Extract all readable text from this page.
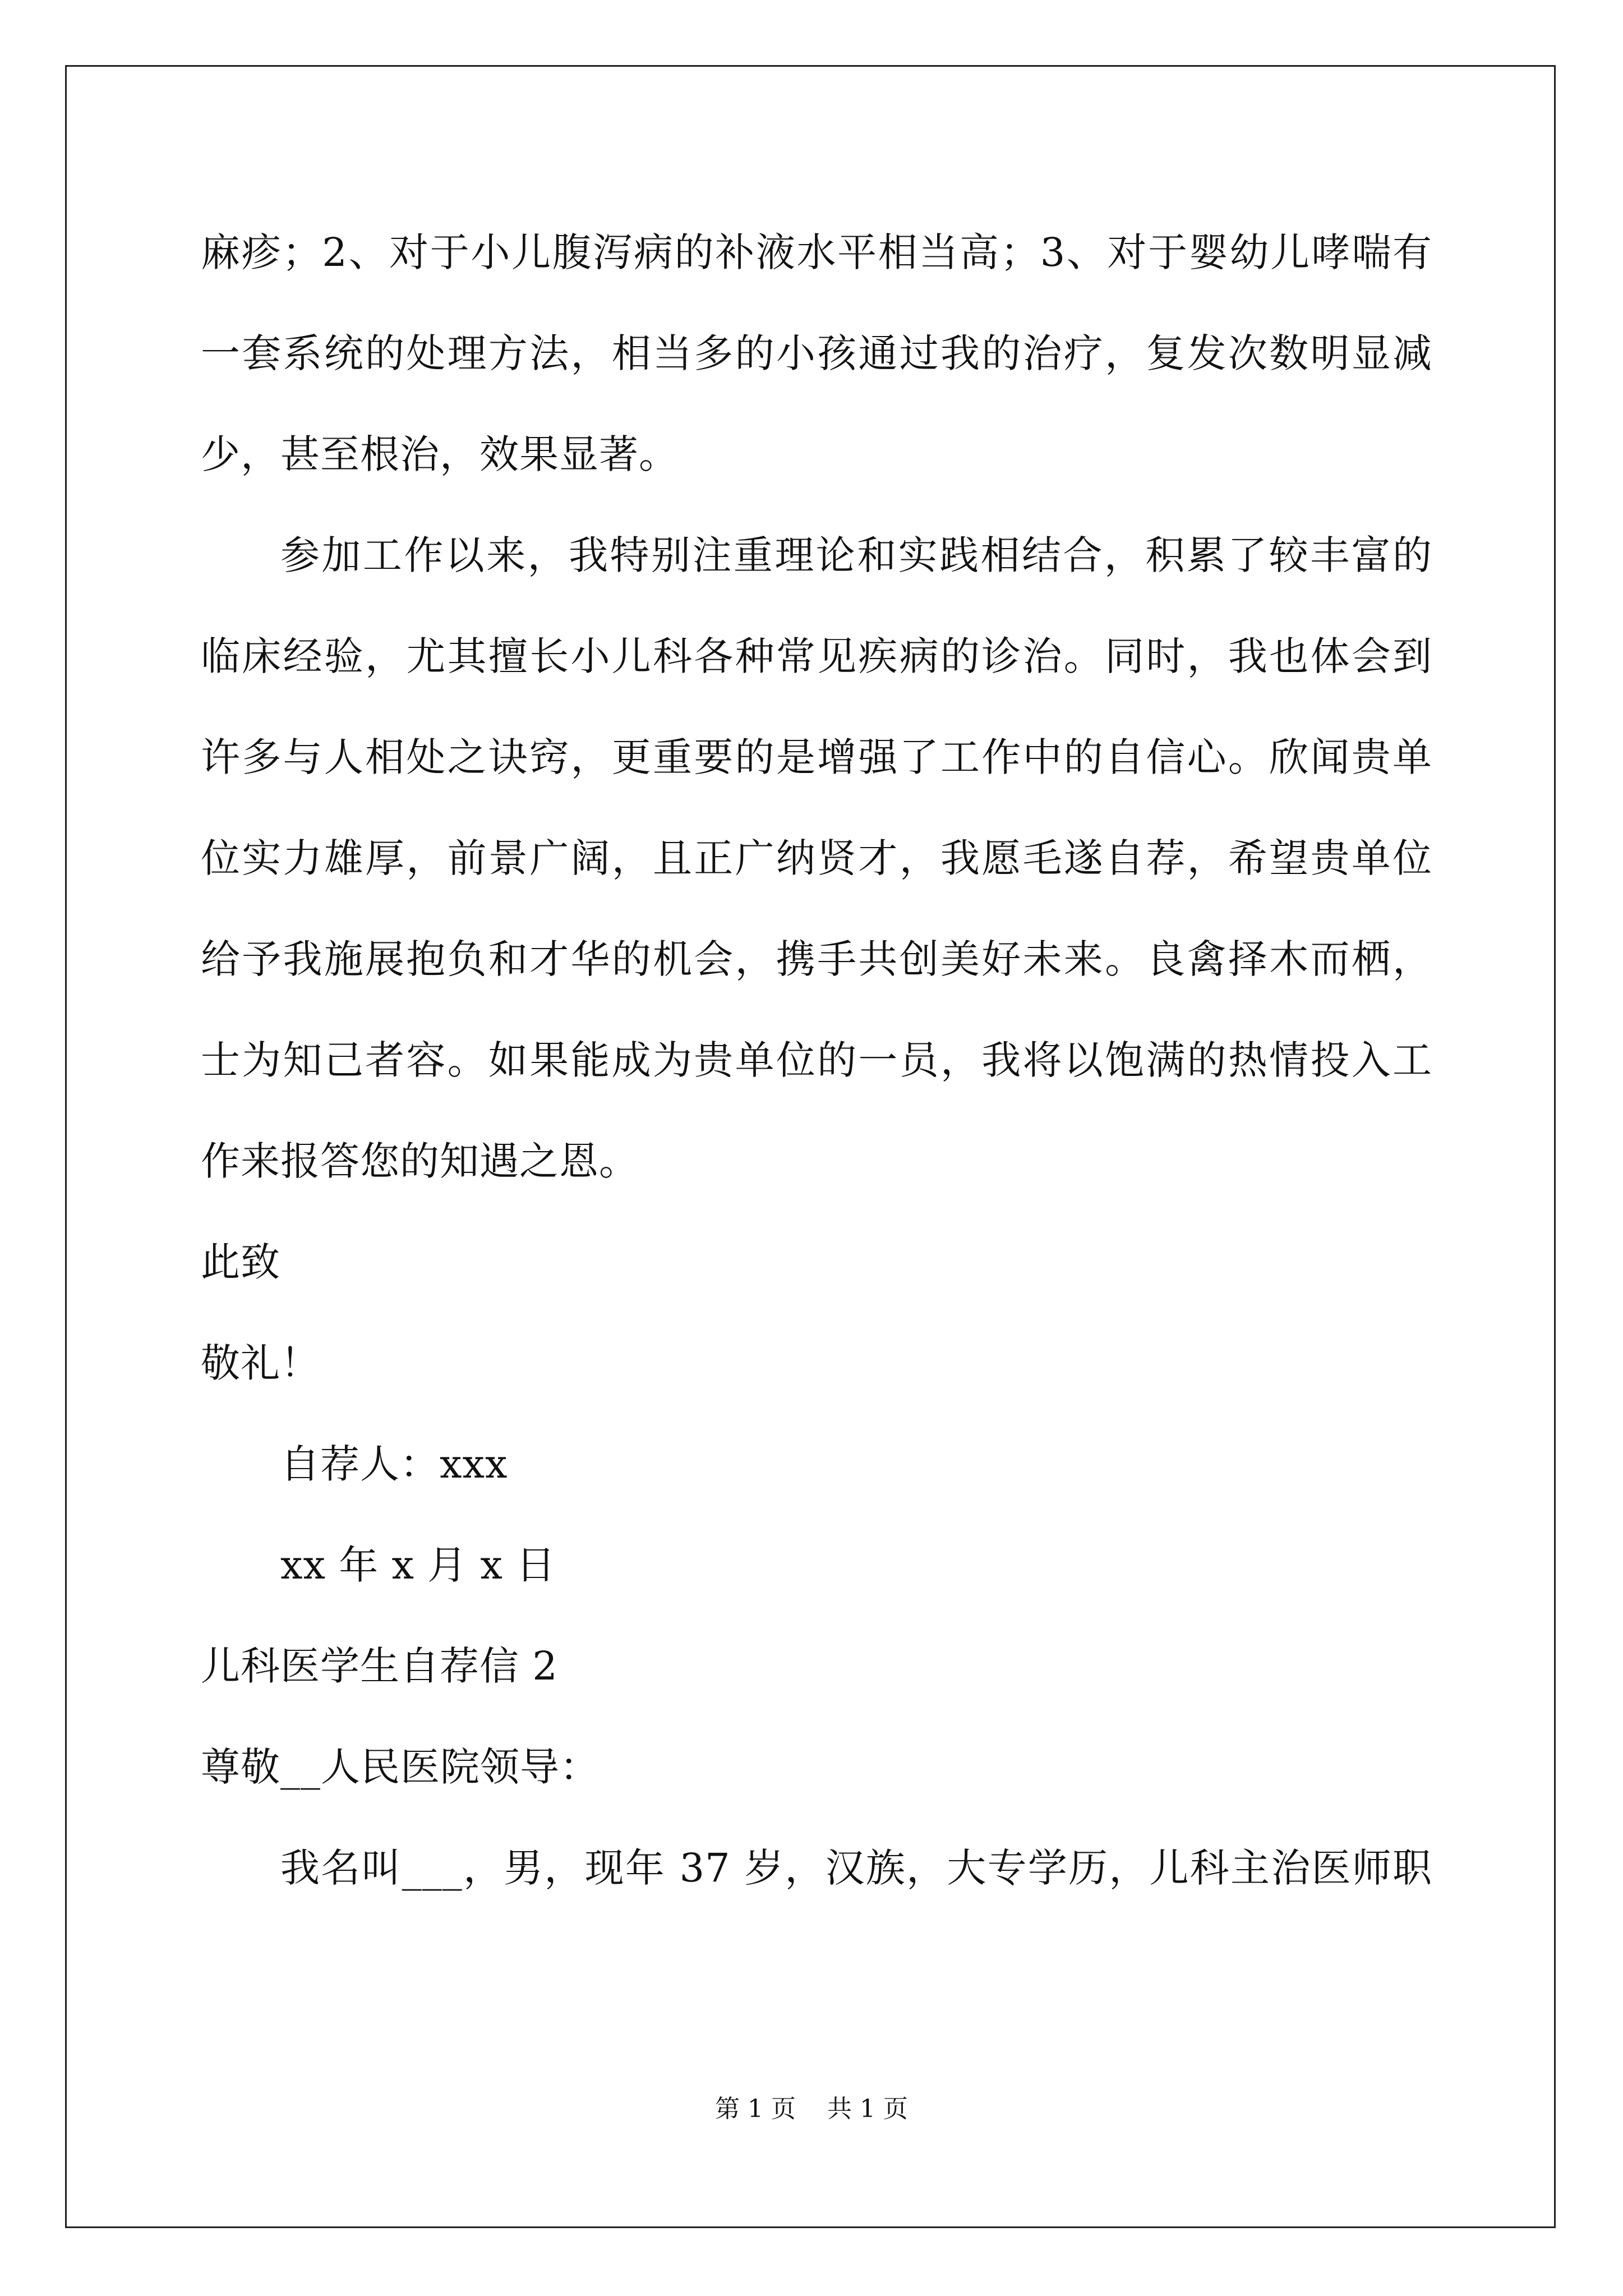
麻疹；2、对于小儿腹泻病的补液水平相当高；3、对于婴幼儿哮喘有

一套系统的处理方法，相当多的小孩通过我的治疗，复发次数明显减

少，甚至根治，效果显著。

参加工作以来，我特别注重理论和实践相结合，积累了较丰富的

临床经验，尤其擅长小儿科各种常见疾病的诊治。同时，我也体会到

许多与人相处之诀窍，更重要的是增强了工作中的自信心。欣闻贵单

位实力雄厚，前景广阔，且正广纳贤才，我愿毛遂自荐，希望贵单位

给予我施展抱负和才华的机会，携手共创美好未来。良禽择木而栖，

士为知己者容。如果能成为贵单位的一员，我将以饱满的热情投入工

作来报答您的知遇之恩。

此致

敬礼！

自荐人：xxx

xx 年 x 月 x 日

儿科医学生自荐信 2

尊敬__人民医院领导：

我名叫___，男，现年 37 岁，汉族，大专学历，儿科主治医师职

第 1 页    共 1 页
